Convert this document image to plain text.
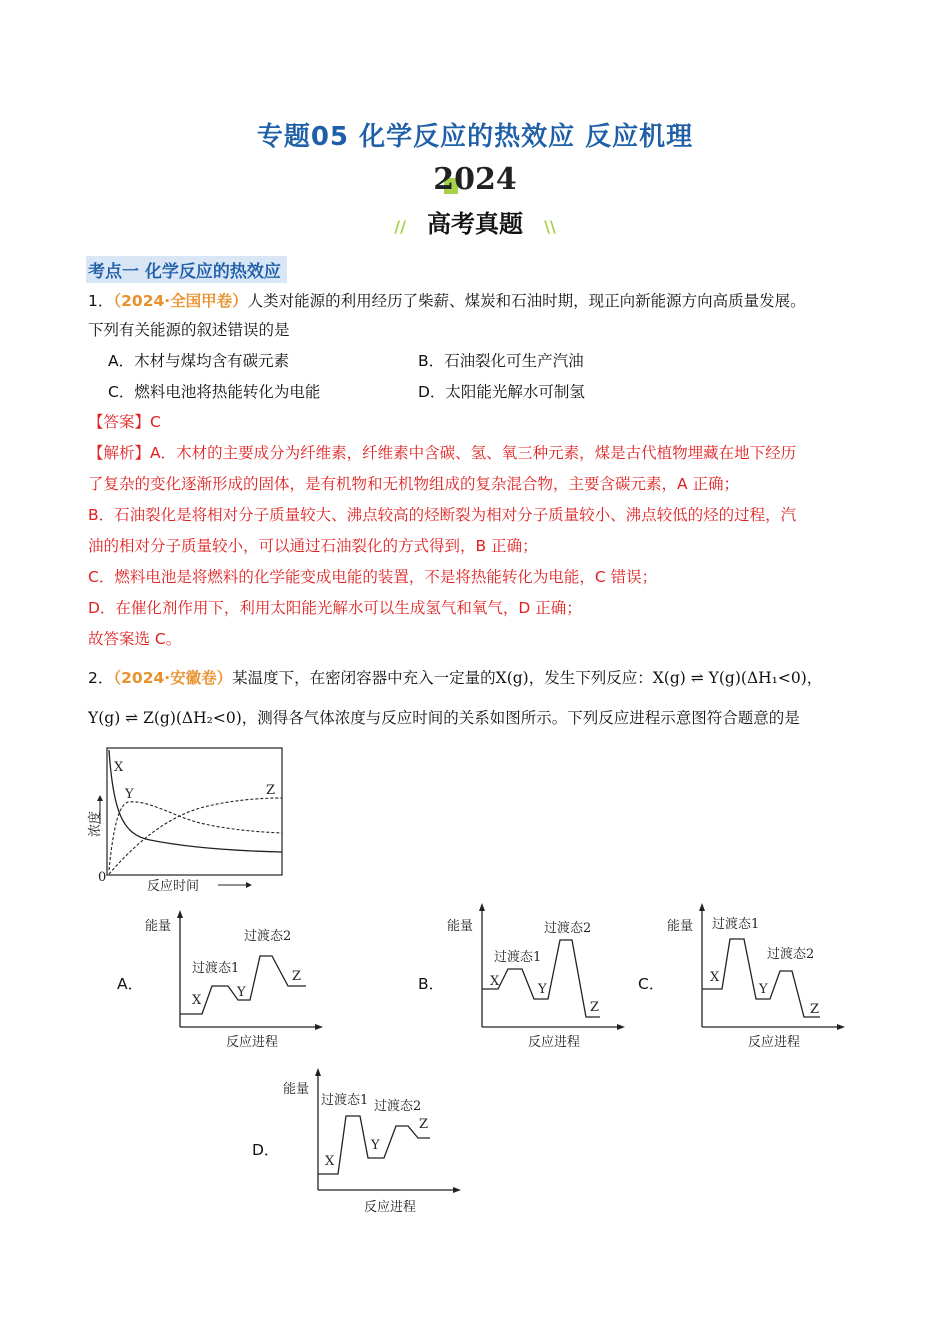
专题05 化学反应的热效应 反应机理
2024
// 高考真题 \\
考点一 化学反应的热效应
1．（2024·全国甲卷）人类对能源的利用经历了柴薪、煤炭和石油时期，现正向新能源方向高质量发展。
下列有关能源的叙述错误的是
A．木材与煤均含有碳元素	B．石油裂化可生产汽油
C．燃料电池将热能转化为电能	D．太阳能光解水可制氢
【答案】C
【解析】A．木材的主要成分为纤维素，纤维素中含碳、氢、氧三种元素，煤是古代植物埋藏在地下经历
了复杂的变化逐渐形成的固体，是有机物和无机物组成的复杂混合物，主要含碳元素，A 正确；
B．石油裂化是将相对分子质量较大、沸点较高的烃断裂为相对分子质量较小、沸点较低的烃的过程，汽
油的相对分子质量较小，可以通过石油裂化的方式得到，B 正确；
C．燃料电池是将燃料的化学能变成电能的装置，不是将热能转化为电能，C 错误；
D．在催化剂作用下，利用太阳能光解水可以生成氢气和氧气，D 正确；
故答案选 C。
2．（2024·安徽卷）某温度下，在密闭容器中充入一定量的X(g)，发生下列反应：X(g) ⇌ Y(g)(ΔH₁<0)，
Y(g) ⇌ Z(g)(ΔH₂<0)，测得各气体浓度与反应时间的关系如图所示。下列反应进程示意图符合题意的是
X
Y	Z
0
浓度
反应时间
A．
能量
反应进程
过渡态1
过渡态2
X
Y
Z	B．
能量
反应进程
过渡态1
过渡态2
X
Y
Z
C．
能量
反应进程
过渡态1
过渡态2
X
Y
Z
D．
能量
反应进程
过渡态1 过渡态2
X
Y
Z
